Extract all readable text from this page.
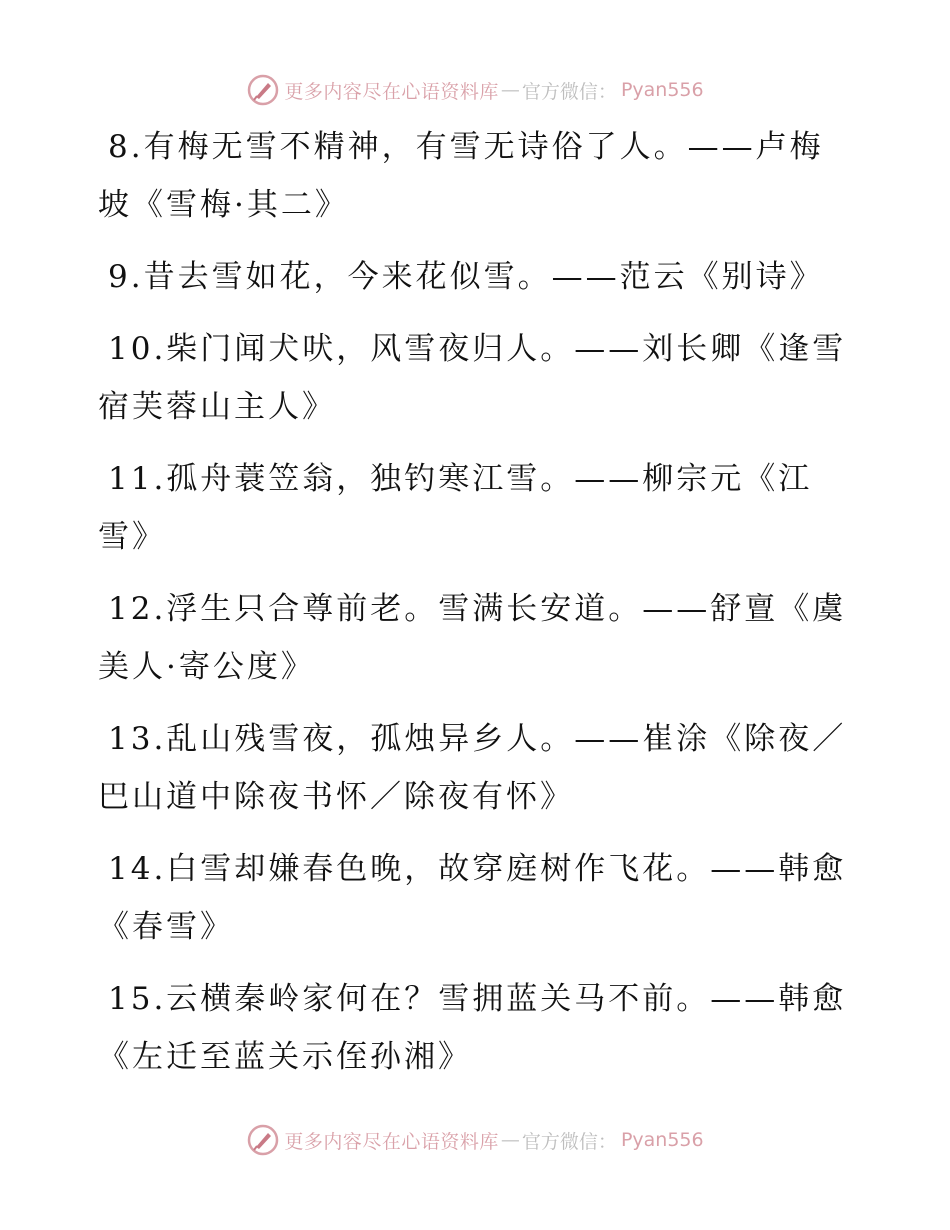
更多内容尽在心语资料库 — 官方微信： Pyan556
8.有梅无雪不精神，有雪无诗俗了人。——卢梅坡《雪梅·其二》
9.昔去雪如花，今来花似雪。——范云《别诗》
10.柴门闻犬吠，风雪夜归人。——刘长卿《逢雪宿芙蓉山主人》
11.孤舟蓑笠翁，独钓寒江雪。——柳宗元《江雪》
12.浮生只合尊前老。雪满长安道。——舒亶《虞美人·寄公度》
13.乱山残雪夜，孤烛异乡人。——崔涂《除夜／巴山道中除夜书怀／除夜有怀》
14.白雪却嫌春色晚，故穿庭树作飞花。——韩愈《春雪》
15.云横秦岭家何在？雪拥蓝关马不前。——韩愈《左迁至蓝关示侄孙湘》
更多内容尽在心语资料库 — 官方微信： Pyan556
